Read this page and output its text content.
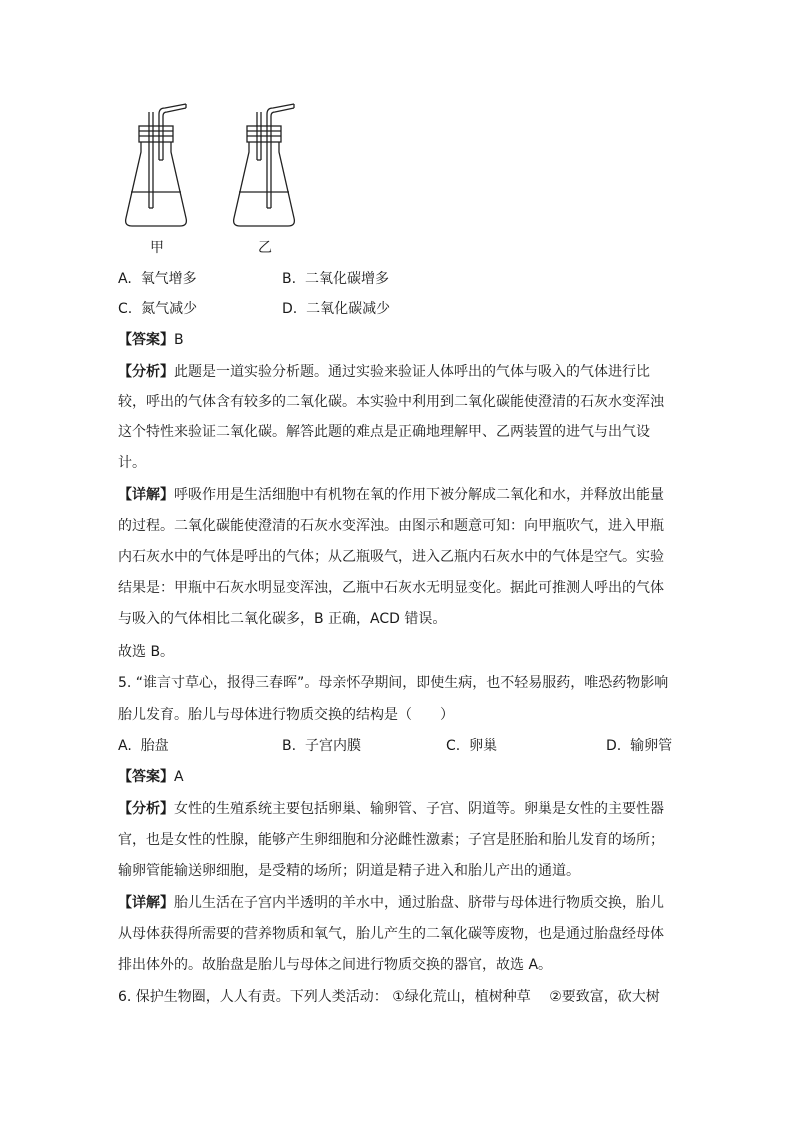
甲	乙
A. 氧气增多	B. 二氧化碳增多
C. 氮气减少	D. 二氧化碳减少
【答案】B
【分析】此题是一道实验分析题。通过实验来验证人体呼出的气体与吸入的气体进行比
较，呼出的气体含有较多的二氧化碳。本实验中利用到二氧化碳能使澄清的石灰水变浑浊
这个特性来验证二氧化碳。解答此题的难点是正确地理解甲、乙两装置的进气与出气设
计。
【详解】呼吸作用是生活细胞中有机物在氧的作用下被分解成二氧化和水，并释放出能量
的过程。二氧化碳能使澄清的石灰水变浑浊。由图示和题意可知：向甲瓶吹气，进入甲瓶
内石灰水中的气体是呼出的气体；从乙瓶吸气，进入乙瓶内石灰水中的气体是空气。实验
结果是：甲瓶中石灰水明显变浑浊，乙瓶中石灰水无明显变化。据此可推测人呼出的气体
与吸入的气体相比二氧化碳多，B 正确，ACD 错误。
故选 B。
5. “谁言寸草心，报得三春晖”。母亲怀孕期间，即使生病，也不轻易服药，唯恐药物影响
胎儿发育。胎儿与母体进行物质交换的结构是（　　）
A. 胎盘	B. 子宫内膜	C. 卵巢	D. 输卵管
【答案】A
【分析】女性的生殖系统主要包括卵巢、输卵管、子宫、阴道等。卵巢是女性的主要性器
官，也是女性的性腺，能够产生卵细胞和分泌雌性激素；子宫是胚胎和胎儿发育的场所；
输卵管能输送卵细胞，是受精的场所；阴道是精子进入和胎儿产出的通道。
【详解】胎儿生活在子宫内半透明的羊水中，通过胎盘、脐带与母体进行物质交换，胎儿
从母体获得所需要的营养物质和氧气，胎儿产生的二氧化碳等废物，也是通过胎盘经母体
排出体外的。故胎盘是胎儿与母体之间进行物质交换的器官，故选 A。
6. 保护生物圈，人人有责。下列人类活动： ①绿化荒山，植树种草　 ②要致富，砍大树
